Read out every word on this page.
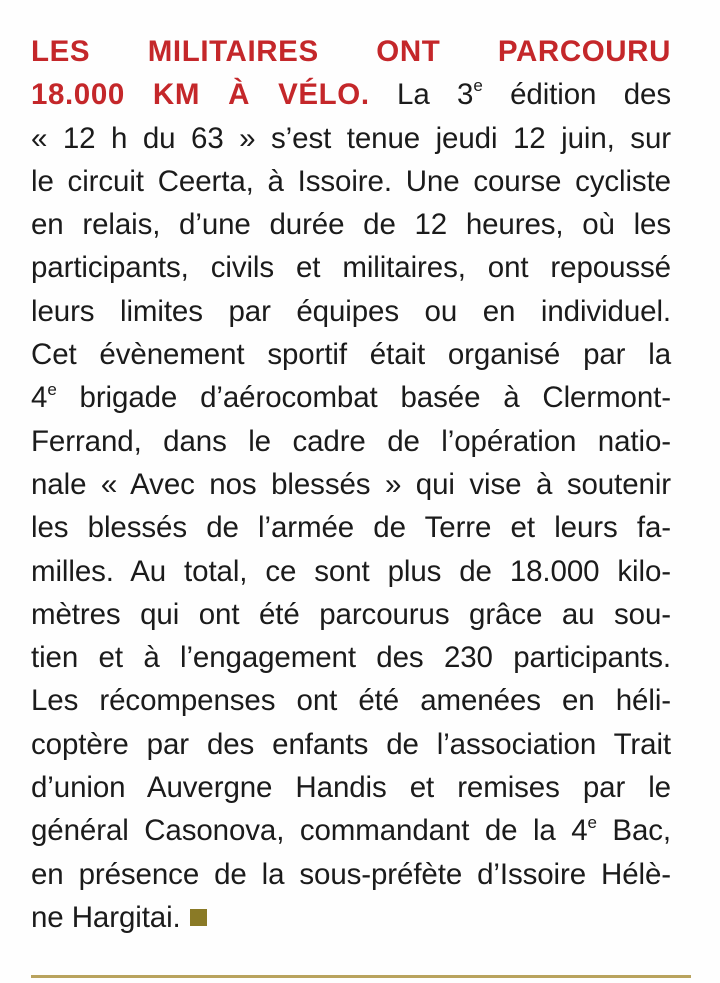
LES MILITAIRES ONT PARCOURU
18.000 KM À VÉLO. La 3e édition des
« 12 h du 63 » s’est tenue jeudi 12 juin, sur
le circuit Ceerta, à Issoire. Une course cycliste
en relais, d’une durée de 12 heures, où les
participants, civils et militaires, ont repoussé
leurs limites par équipes ou en individuel.
Cet évènement sportif était organisé par la
4e brigade d’aérocombat basée à Clermont-
Ferrand, dans le cadre de l’opération natio-
nale « Avec nos blessés » qui vise à soutenir
les blessés de l’armée de Terre et leurs fa-
milles. Au total, ce sont plus de 18.000 kilo-
mètres qui ont été parcourus grâce au sou-
tien et à l’engagement des 230 participants.
Les récompenses ont été amenées en héli-
coptère par des enfants de l’association Trait
d’union Auvergne Handis et remises par le
général Casonova, commandant de la 4e Bac,
en présence de la sous-préfète d’Issoire Hélè-
ne Hargitai.
